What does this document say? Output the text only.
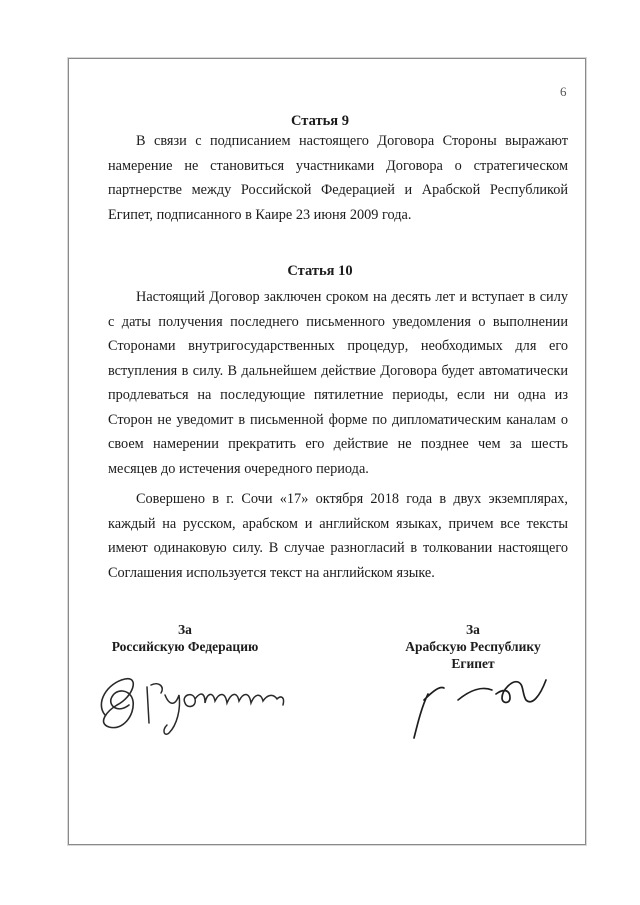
6
Статья 9

В связи с подписанием настоящего Договора Стороны выражают намерение не становиться участниками Договора о стратегическом партнерстве между Российской Федерацией и Арабской Республикой Египет, подписанного в Каире 23 июня 2009 года.

Статья 10

Настоящий Договор заключен сроком на десять лет и вступает в силу с даты получения последнего письменного уведомления о выполнении Сторонами внутригосударственных процедур, необходимых для его вступления в силу. В дальнейшем действие Договора будет автоматически продлеваться на последующие пятилетние периоды, если ни одна из Сторон не уведомит в письменной форме по дипломатическим каналам о своем намерении прекратить его действие не позднее чем за шесть месяцев до истечения очередного периода.

Совершено в г. Сочи «17» октября 2018 года в двух экземплярах, каждый на русском, арабском и английском языках, причем все тексты имеют одинаковую силу. В случае разногласий в толковании настоящего Соглашения используется текст на английском языке.

За
Российскую Федерацию
За
Арабскую Республику
Египет
